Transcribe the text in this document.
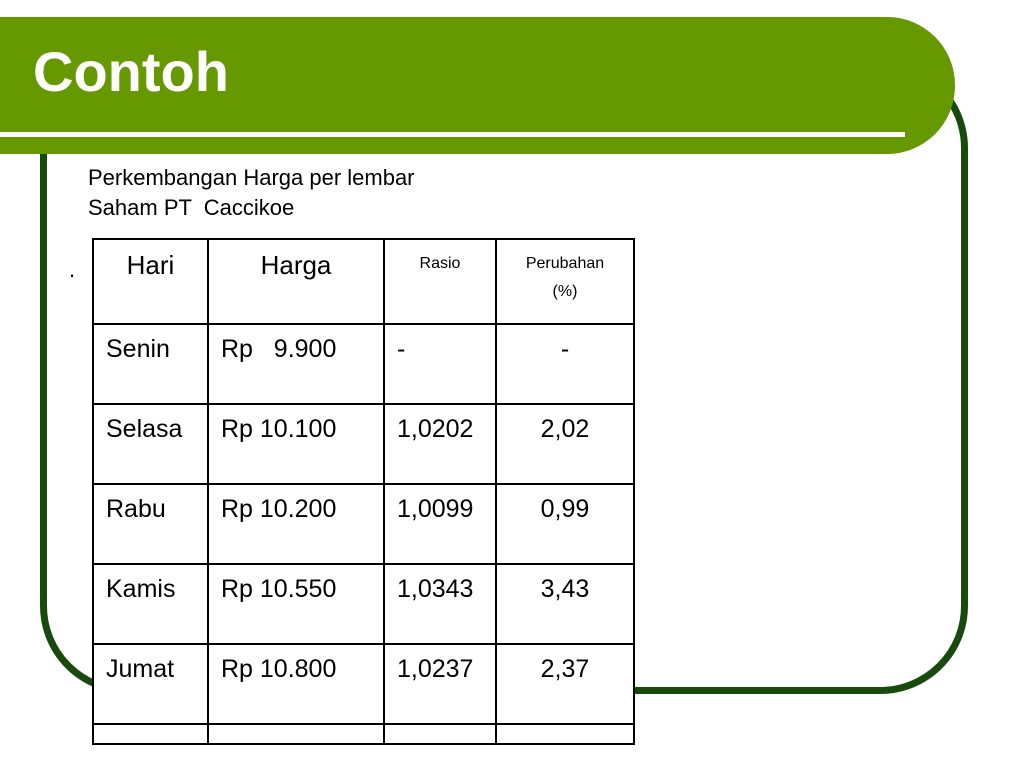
Contoh
Perkembangan Harga per lembar
Saham PT  Caccikoe
.	Hari	Harga	Rasio	Perubahan
(%)

Senin	Rp   9.900	-	-

Selasa	Rp 10.100	1,0202	2,02

Rabu	Rp 10.200	1,0099	0,99

Kamis	Rp 10.550	1,0343	3,43

Jumat	Rp 10.800	1,0237	2,37
